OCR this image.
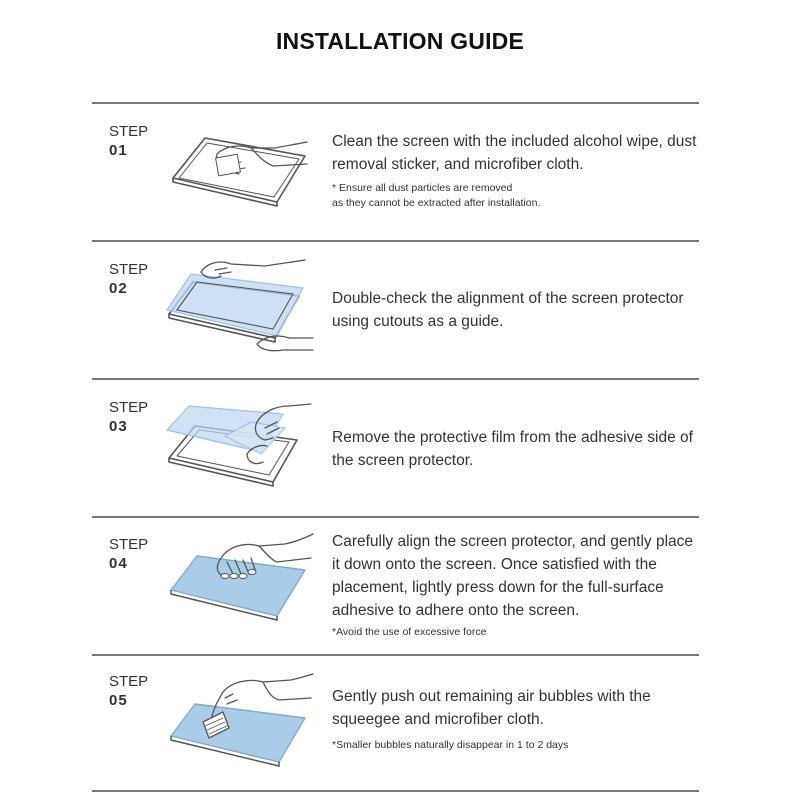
INSTALLATION GUIDE
STEP
01
Clean the screen with the included alcohol wipe, dust removal sticker, and microfiber cloth.
* Ensure all dust particles are removed
as they cannot be extracted after installation.
STEP
02
Double-check the alignment of the screen protector using cutouts as a guide.
STEP
03
Remove the protective film from the adhesive side of the screen protector.
STEP
04
Carefully align the screen protector, and gently place it down onto the screen. Once satisfied with the placement, lightly press down for the full-surface adhesive to adhere onto the screen.
*Avoid the use of excessive force
STEP
05	Gently push out remaining air bubbles with the squeegee and microfiber cloth.
*Smaller bubbles naturally disappear in 1 to 2 days
